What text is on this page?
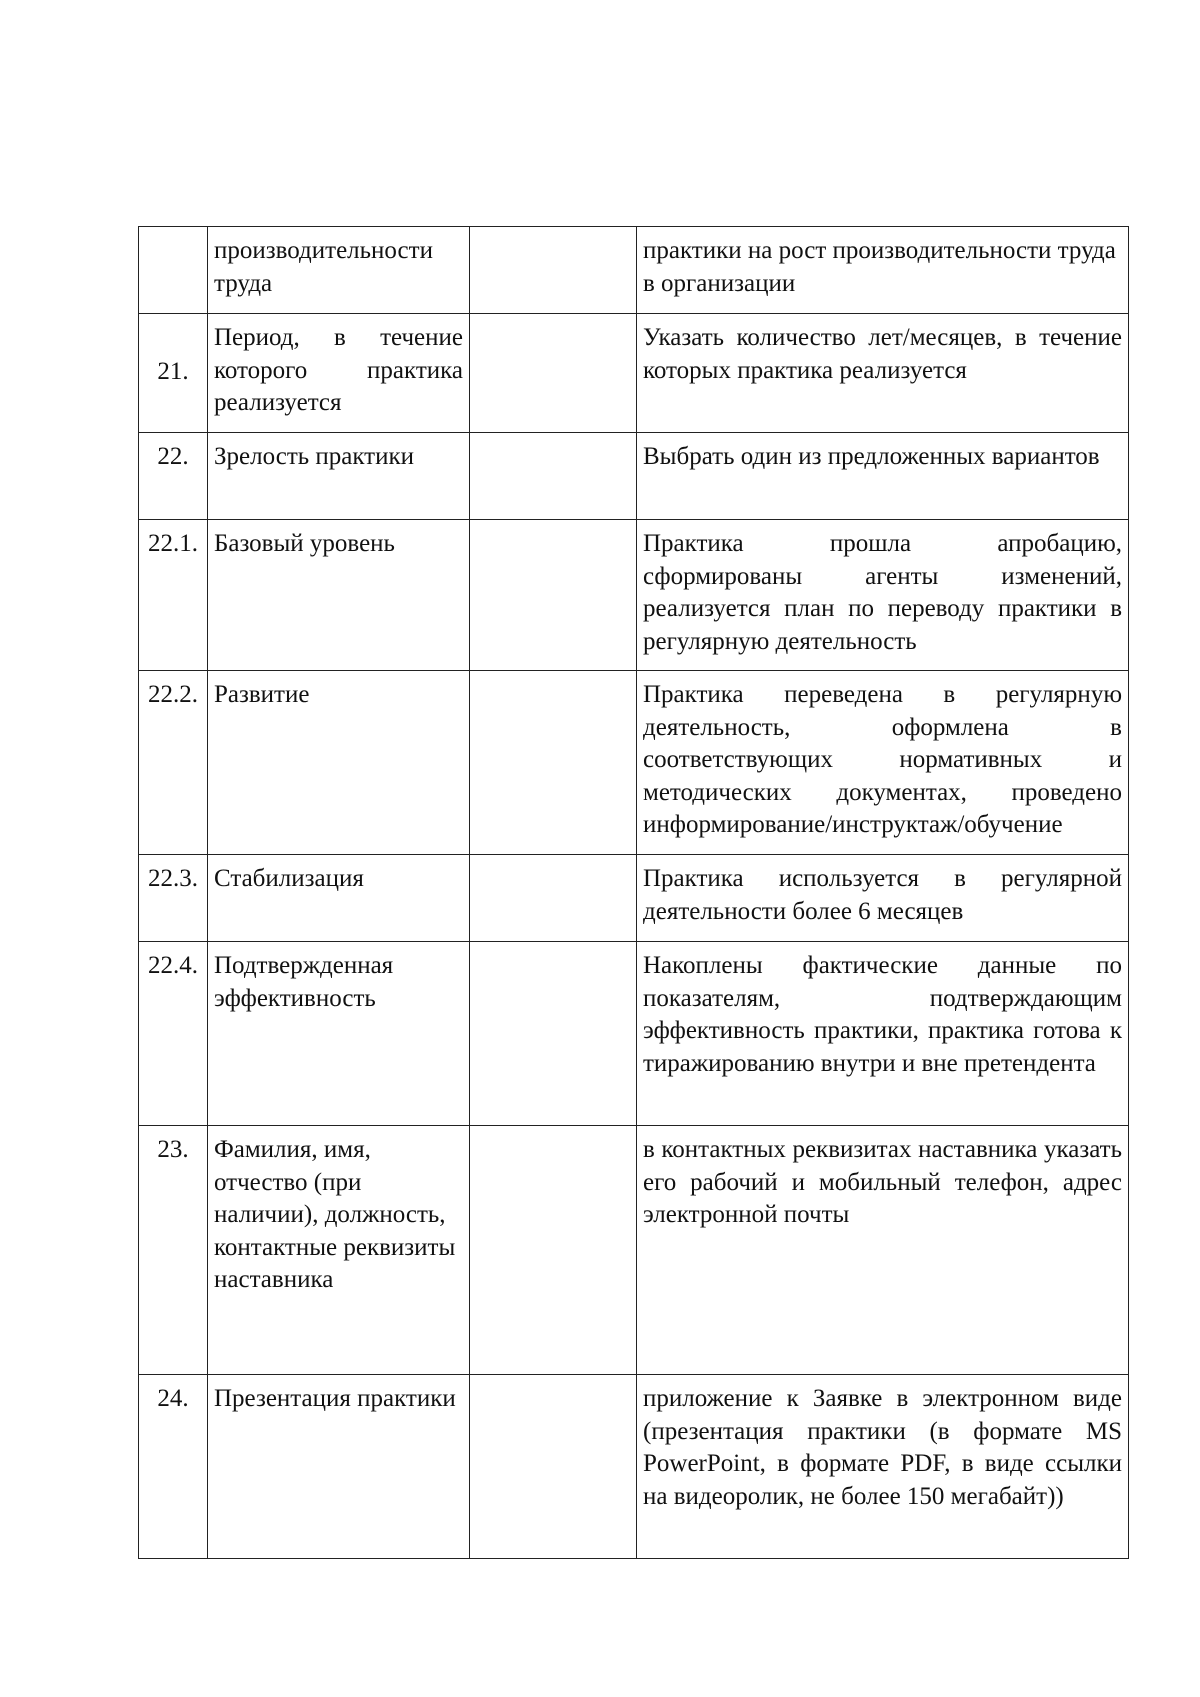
	производительности труда		практики на рост производительности труда в организации
21.	Период, в течение которого практика реализуется		Указать количество лет/месяцев, в течение которых практика реализуется
22.	Зрелость практики		Выбрать один из предложенных вариантов
22.1.	Базовый уровень		Практика прошла апробацию, сформированы агенты изменений, реализуется план по переводу практики в регулярную деятельность
22.2.	Развитие		Практика переведена в регулярную деятельность, оформлена в соответствующих нормативных и методических документах, проведено информирование/инструктаж/обучение
22.3.	Стабилизация		Практика используется в регулярной деятельности более 6 месяцев
22.4.	Подтвержденная эффективность		Накоплены фактические данные по показателям, подтверждающим эффективность практики, практика готова к тиражированию внутри и вне претендента
23.	Фамилия, имя, отчество (при наличии), должность, контактные реквизиты наставника		в контактных реквизитах наставника указать его рабочий и мобильный телефон, адрес электронной почты
24.	Презентация практики		приложение к Заявке в электронном виде (презентация практики (в формате MS PowerPoint, в формате PDF, в виде ссылки на видеоролик, не более 150 мегабайт))
